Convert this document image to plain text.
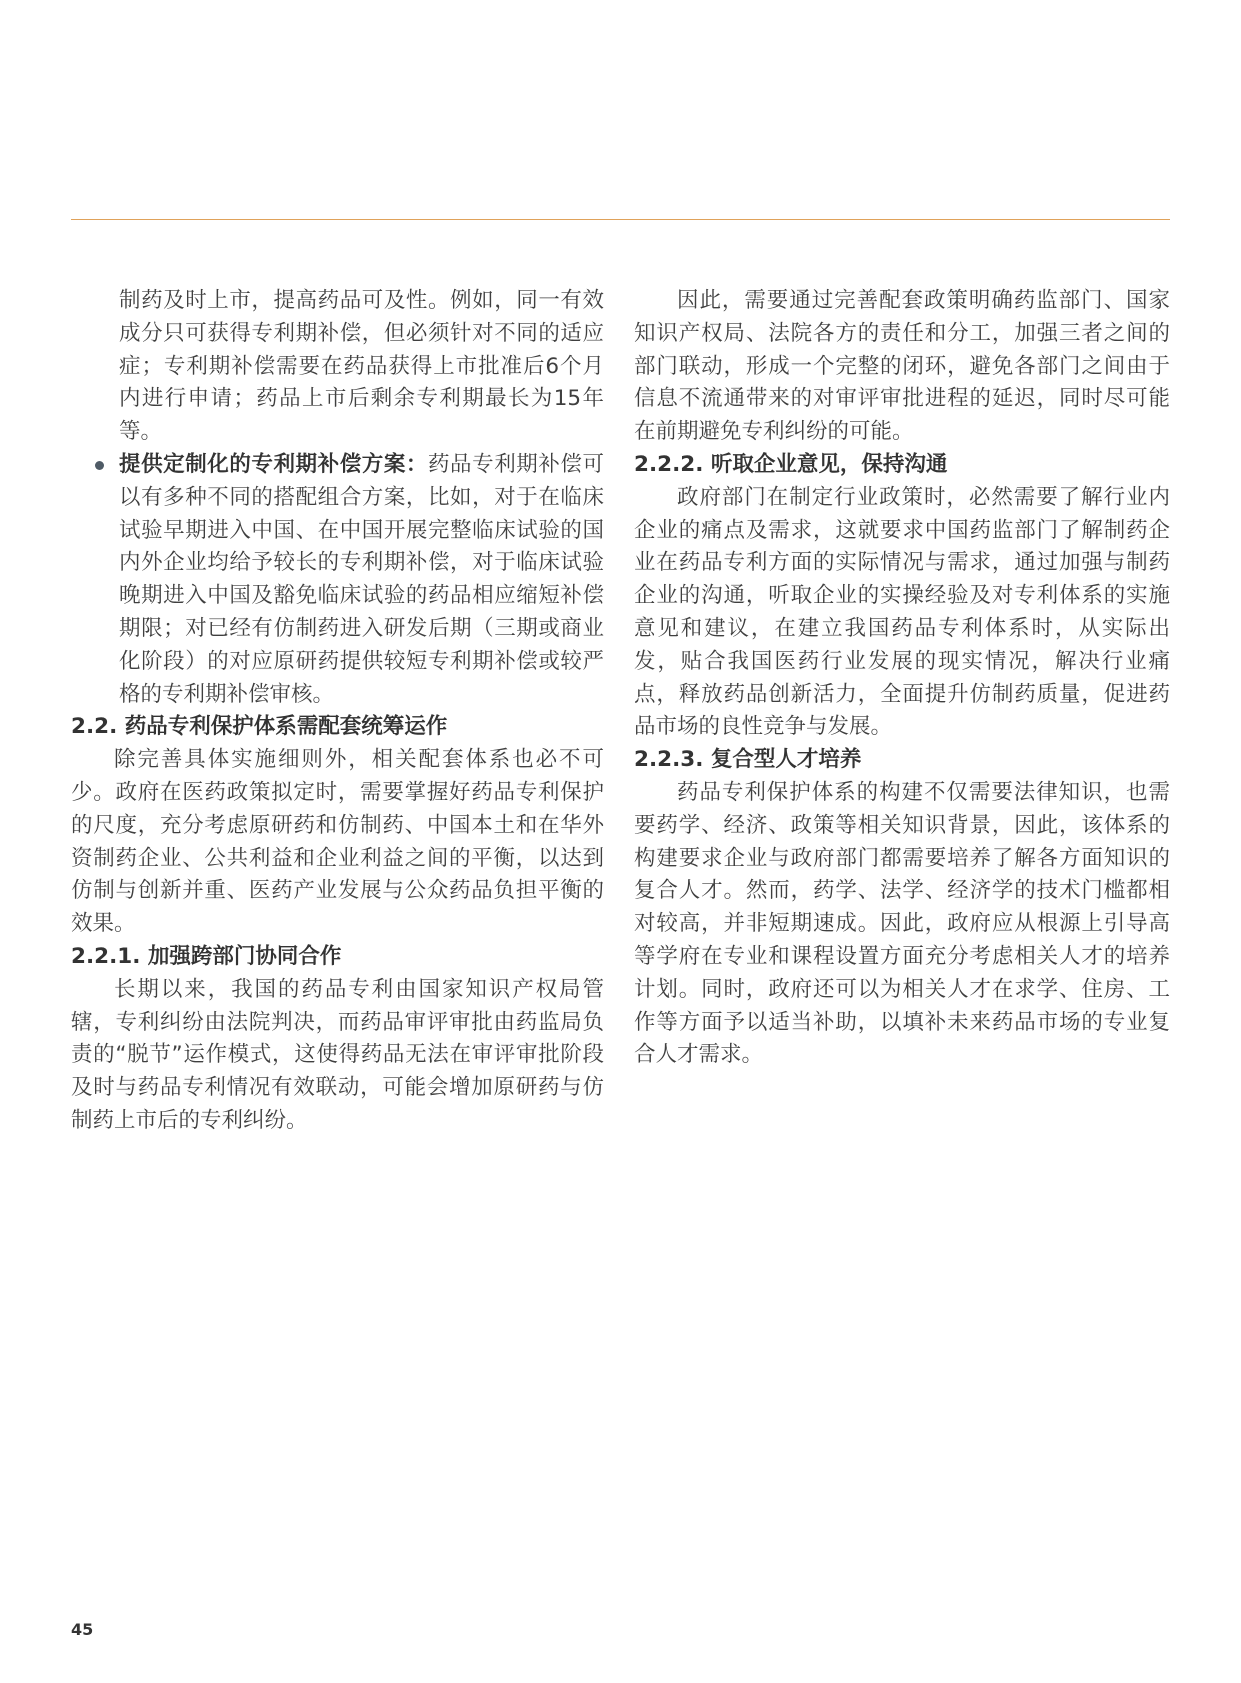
制药及时上市，提高药品可及性。例如，同一有效成分只可获得专利期补偿，但必须针对不同的适应症；专利期补偿需要在药品获得上市批准后6个月内进行申请；药品上市后剩余专利期最长为15年等。

提供定制化的专利期补偿方案：药品专利期补偿可以有多种不同的搭配组合方案，比如，对于在临床试验早期进入中国、在中国开展完整临床试验的国内外企业均给予较长的专利期补偿，对于临床试验晚期进入中国及豁免临床试验的药品相应缩短补偿期限；对已经有仿制药进入研发后期（三期或商业化阶段）的对应原研药提供较短专利期补偿或较严格的专利期补偿审核。
2.2. 药品专利保护体系需配套统筹运作

除完善具体实施细则外，相关配套体系也必不可少。政府在医药政策拟定时，需要掌握好药品专利保护的尺度，充分考虑原研药和仿制药、中国本土和在华外资制药企业、公共利益和企业利益之间的平衡，以达到仿制与创新并重、医药产业发展与公众药品负担平衡的效果。

2.2.1. 加强跨部门协同合作

长期以来，我国的药品专利由国家知识产权局管辖，专利纠纷由法院判决，而药品审评审批由药监局负责的“脱节”运作模式，这使得药品无法在审评审批阶段及时与药品专利情况有效联动，可能会增加原研药与仿制药上市后的专利纠纷。

因此，需要通过完善配套政策明确药监部门、国家知识产权局、法院各方的责任和分工，加强三者之间的部门联动，形成一个完整的闭环，避免各部门之间由于信息不流通带来的对审评审批进程的延迟，同时尽可能在前期避免专利纠纷的可能。

2.2.2. 听取企业意见，保持沟通

政府部门在制定行业政策时，必然需要了解行业内企业的痛点及需求，这就要求中国药监部门了解制药企业在药品专利方面的实际情况与需求，通过加强与制药企业的沟通，听取企业的实操经验及对专利体系的实施意见和建议，在建立我国药品专利体系时，从实际出发，贴合我国医药行业发展的现实情况，解决行业痛点，释放药品创新活力，全面提升仿制药质量，促进药品市场的良性竞争与发展。

2.2.3. 复合型人才培养

药品专利保护体系的构建不仅需要法律知识，也需要药学、经济、政策等相关知识背景，因此，该体系的构建要求企业与政府部门都需要培养了解各方面知识的复合人才。然而，药学、法学、经济学的技术门槛都相对较高，并非短期速成。因此，政府应从根源上引导高等学府在专业和课程设置方面充分考虑相关人才的培养计划。同时，政府还可以为相关人才在求学、住房、工作等方面予以适当补助，以填补未来药品市场的专业复合人才需求。

45
